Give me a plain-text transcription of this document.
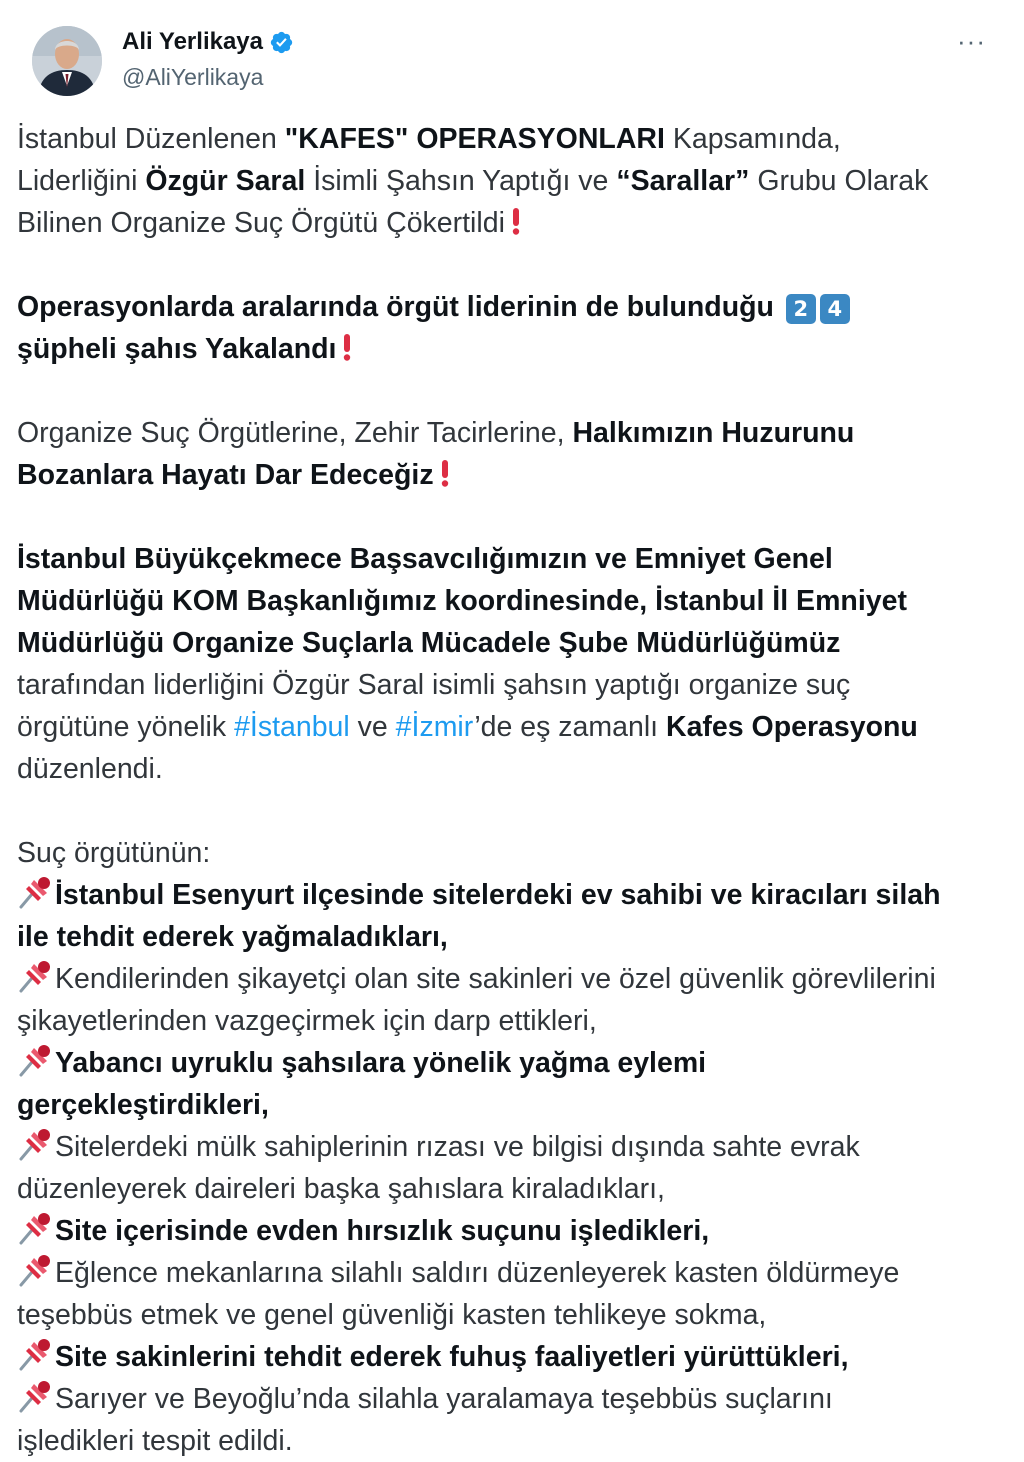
Ali Yerlikaya
@AliYerlikaya
···
İstanbul Düzenlenen "KAFES" OPERASYONLARI Kapsamında,
Liderliğini Özgür Saral İsimli Şahsın Yaptığı ve “Sarallar” Grubu Olarak
Bilinen Organize Suç Örgütü Çökertildi
Operasyonlarda aralarında örgüt liderinin de bulunduğu 2 4
şüpheli şahıs Yakalandı
Organize Suç Örgütlerine, Zehir Tacirlerine, Halkımızın Huzurunu
Bozanlara Hayatı Dar Edeceğiz
İstanbul Büyükçekmece Başsavcılığımızın ve Emniyet Genel
Müdürlüğü KOM Başkanlığımız koordinesinde, İstanbul İl Emniyet
Müdürlüğü Organize Suçlarla Mücadele Şube Müdürlüğümüz
tarafından liderliğini Özgür Saral isimli şahsın yaptığı organize suç
örgütüne yönelik #İstanbul ve #İzmir’de eş zamanlı Kafes Operasyonu
düzenlendi.
Suç örgütünün:
İstanbul Esenyurt ilçesinde sitelerdeki ev sahibi ve kiracıları silah
ile tehdit ederek yağmaladıkları,
Kendilerinden şikayetçi olan site sakinleri ve özel güvenlik görevlilerini
şikayetlerinden vazgeçirmek için darp ettikleri,
Yabancı uyruklu şahsılara yönelik yağma eylemi
gerçekleştirdikleri,
Sitelerdeki mülk sahiplerinin rızası ve bilgisi dışında sahte evrak
düzenleyerek daireleri başka şahıslara kiraladıkları,
Site içerisinde evden hırsızlık suçunu işledikleri,
Eğlence mekanlarına silahlı saldırı düzenleyerek kasten öldürmeye
teşebbüs etmek ve genel güvenliği kasten tehlikeye sokma,
Site sakinlerini tehdit ederek fuhuş faaliyetleri yürüttükleri,
Sarıyer ve Beyoğlu’nda silahla yaralamaya teşebbüs suçlarını
işledikleri tespit edildi.
